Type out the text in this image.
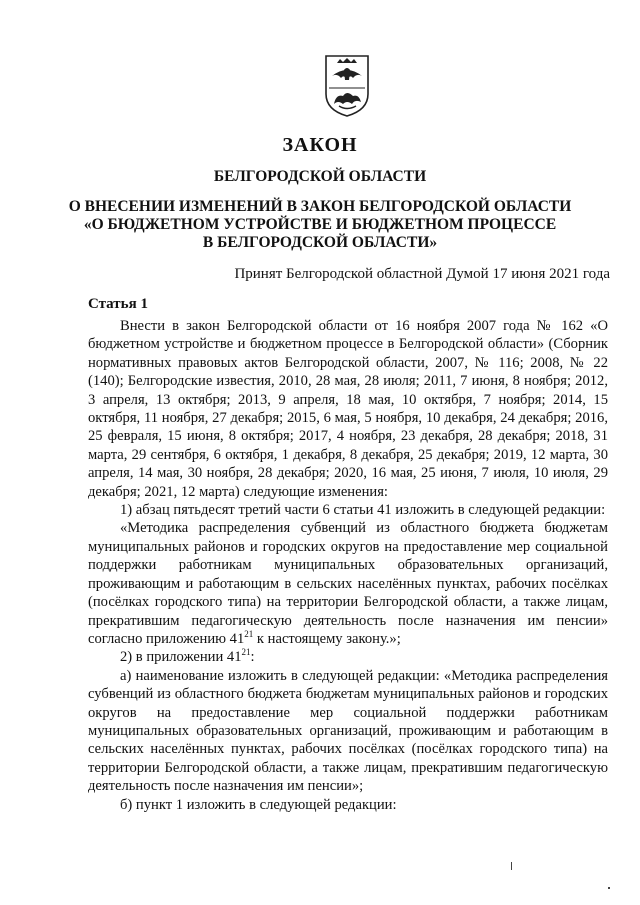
ЗАКОН
БЕЛГОРОДСКОЙ ОБЛАСТИ
О ВНЕСЕНИИ ИЗМЕНЕНИЙ В ЗАКОН БЕЛГОРОДСКОЙ ОБЛАСТИ
«О БЮДЖЕТНОМ УСТРОЙСТВЕ И БЮДЖЕТНОМ ПРОЦЕССЕ
В БЕЛГОРОДСКОЙ ОБЛАСТИ»
Принят Белгородской областной Думой 17 июня 2021 года
Статья 1

Внести в закон Белгородской области от 16 ноября 2007 года № 162 «О бюджетном устройстве и бюджетном процессе в Белгородской области» (Сборник нормативных правовых актов Белгородской области, 2007, № 116; 2008, № 22 (140); Белгородские известия, 2010, 28 мая, 28 июля; 2011, 7 июня, 8 ноября; 2012, 3 апреля, 13 октября; 2013, 9 апреля, 18 мая, 10 октября, 7 ноября; 2014, 15 октября, 11 ноября, 27 декабря; 2015, 6 мая, 5 ноября, 10 декабря, 24 декабря; 2016, 25 февраля, 15 июня, 8 октября; 2017, 4 ноября, 23 декабря, 28 декабря; 2018, 31 марта, 29 сентября, 6 октября, 1 декабря, 8 декабря, 25 декабря; 2019, 12 марта, 30 апреля, 14 мая, 30 ноября, 28 декабря; 2020, 16 мая, 25 июня, 7 июля, 10 июля, 29 декабря; 2021, 12 марта) следующие изменения:

1) абзац пятьдесят третий части 6 статьи 41 изложить в следующей редакции:

«Методика распределения субвенций из областного бюджета бюджетам муниципальных районов и городских округов на предоставление мер социальной поддержки работникам муниципальных образовательных организаций, проживающим и работающим в сельских населённых пунктах, рабочих посёлках (посёлках городского типа) на территории Белгородской области, а также лицам, прекратившим педагогическую деятельность после назначения им пенсии» согласно приложению $41^{21}$ к настоящему закону.»;

2) в приложении $41^{21}$:

а) наименование изложить в следующей редакции: «Методика распределения субвенций из областного бюджета бюджетам муниципальных районов и городских округов на предоставление мер социальной поддержки работникам муниципальных образовательных организаций, проживающим и работающим в сельских населённых пунктах, рабочих посёлках (посёлках городского типа) на территории Белгородской области, а также лицам, прекратившим педагогическую деятельность после назначения им пенсии»;

б) пункт 1 изложить в следующей редакции:
